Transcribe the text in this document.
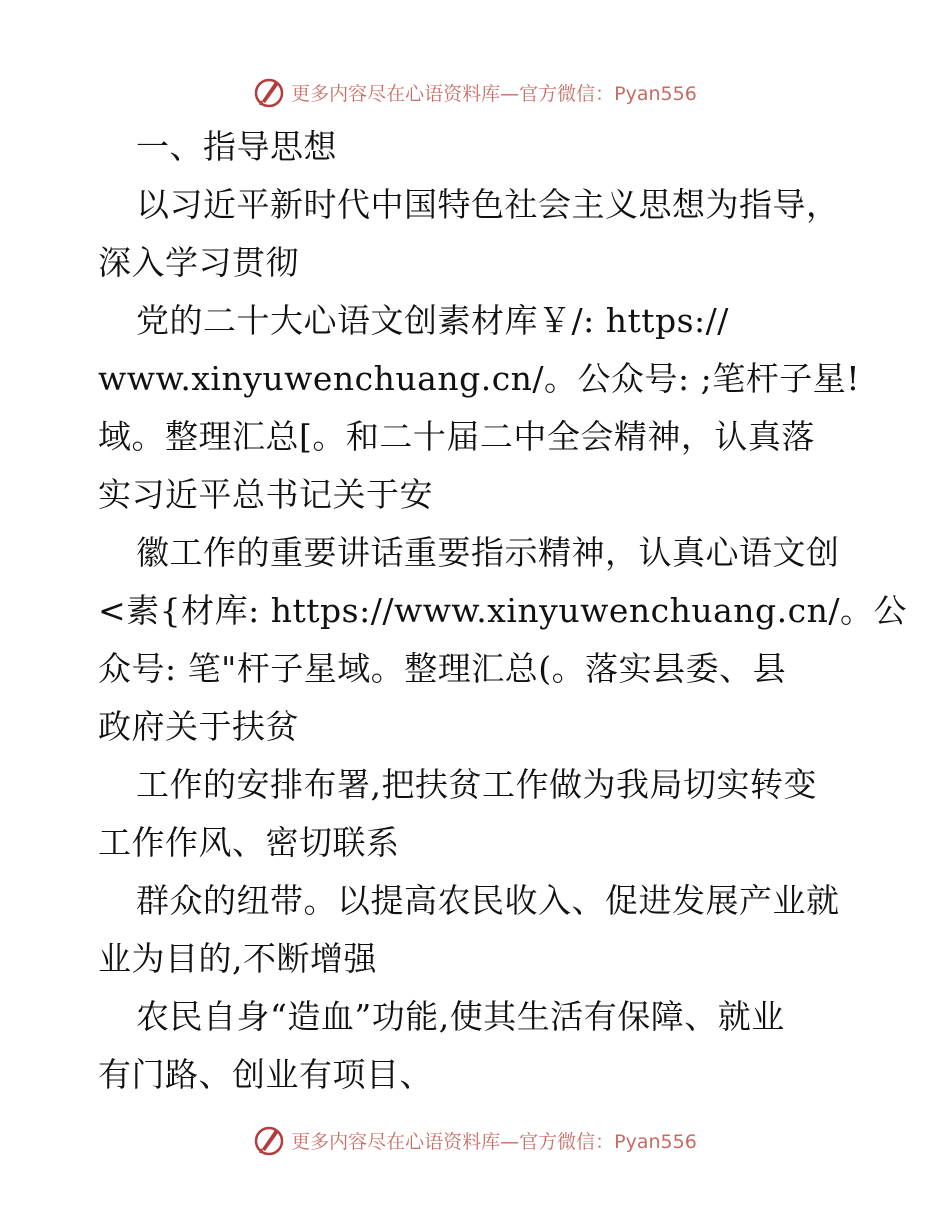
更多内容尽在心语资料库—官方微信：Pyan556
一、指导思想
以习近平新时代中国特色社会主义思想为指导，
深入学习贯彻
党的二十大心语文创素材库￥/: https://
www.xinyuwenchuang.cn/。公众号: ;笔杆子星!
域。整理汇总[。和二十届二中全会精神，认真落
实习近平总书记关于安
徽工作的重要讲话重要指示精神，认真心语文创
<素{材库: https://www.xinyuwenchuang.cn/。公
众号: 笔"杆子星域。整理汇总(。落实县委、县
政府关于扶贫
工作的安排布署,把扶贫工作做为我局切实转变
工作作风、密切联系
群众的纽带。以提高农民收入、促进发展产业就
业为目的,不断增强
农民自身“造血”功能,使其生活有保障、就业
有门路、创业有项目、
更多内容尽在心语资料库—官方微信：Pyan556
